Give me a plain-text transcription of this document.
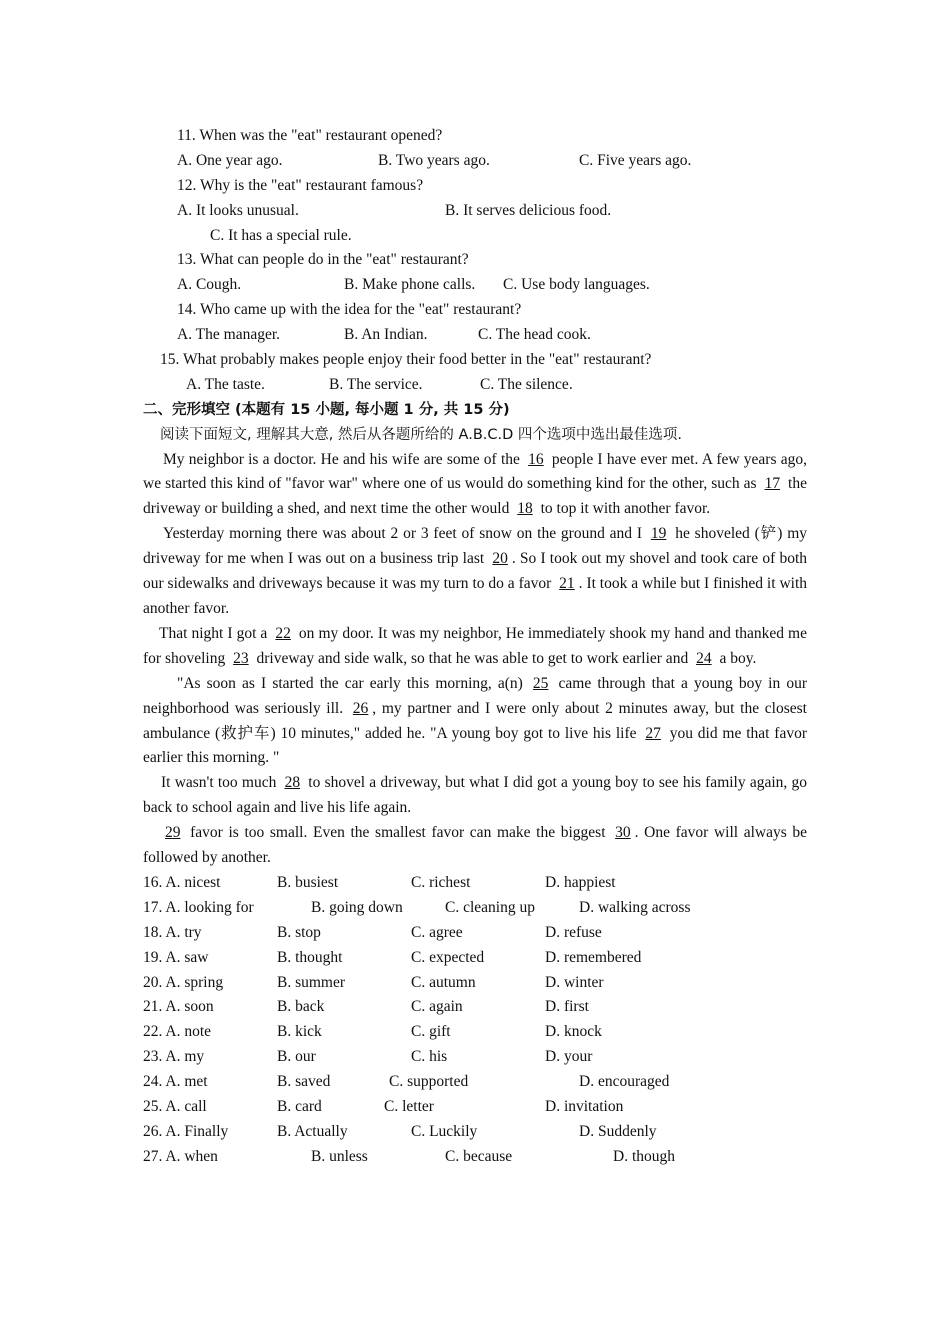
11. When was the "eat" restaurant opened?
A. One year ago.	B. Two years ago.	C. Five years ago.
12. Why is the "eat" restaurant famous?
A. It looks unusual.	B. It serves delicious food.
C. It has a special rule.
13. What can people do in the "eat" restaurant?
A. Cough.	B. Make phone calls. C. Use body languages.
14. Who came up with the idea for the "eat" restaurant?
A. The manager.	B. An Indian.	C. The head cook.
15. What probably makes people enjoy their food better in the "eat" restaurant?
A. The taste.	B. The service.	C. The silence.
二、完形填空 (本题有 15 小题, 每小题 1 分, 共 15 分)
阅读下面短文, 理解其大意, 然后从各题所给的 A.B.C.D 四个选项中选出最佳选项.
My neighbor is a doctor. He and his wife are some of the 16 people I have ever met. A few years ago, we started this kind of "favor war" where one of us would do something kind for the other, such as 17 the driveway or building a shed, and next time the other would 18 to top it with another favor.
Yesterday morning there was about 2 or 3 feet of snow on the ground and I 19 he shoveled (铲) my driveway for me when I was out on a business trip last 20 . So I took out my shovel and took care of both our sidewalks and driveways because it was my turn to do a favor 21 . It took a while but I finished it with another favor.
That night I got a 22 on my door. It was my neighbor, He immediately shook my hand and thanked me for shoveling 23 driveway and side walk, so that he was able to get to work earlier and 24 a boy.
"As soon as I started the car early this morning, a(n) 25 came through that a young boy in our neighborhood was seriously ill. 26 , my partner and I were only about 2 minutes away, but the closest ambulance (救护车) 10 minutes," added he. "A young boy got to live his life 27 you did me that favor earlier this morning. "
It wasn't too much 28 to shovel a driveway, but what I did got a young boy to see his family again, go back to school again and live his life again.
29 favor is too small. Even the smallest favor can make the biggest 30 . One favor will always be followed by another.
16. A. nicest	B. busiest	C. richest	D. happiest
17. A. looking for	B. going down	C. cleaning up	D. walking across
18. A. try	B. stop	C. agree	D. refuse
19. A. saw	B. thought	C. expected	D. remembered
20. A. spring	B. summer	C. autumn	D. winter
21. A. soon	B. back	C. again	D. first
22. A. note	B. kick	C. gift	D. knock
23. A. my	B. our	C. his	D. your
24. A. met	B. saved	C. supported	D. encouraged
25. A. call	B. card	C. letter	D. invitation
26. A. Finally	B. Actually	C. Luckily	D. Suddenly
27. A. when	B. unless	C. because	D. though
